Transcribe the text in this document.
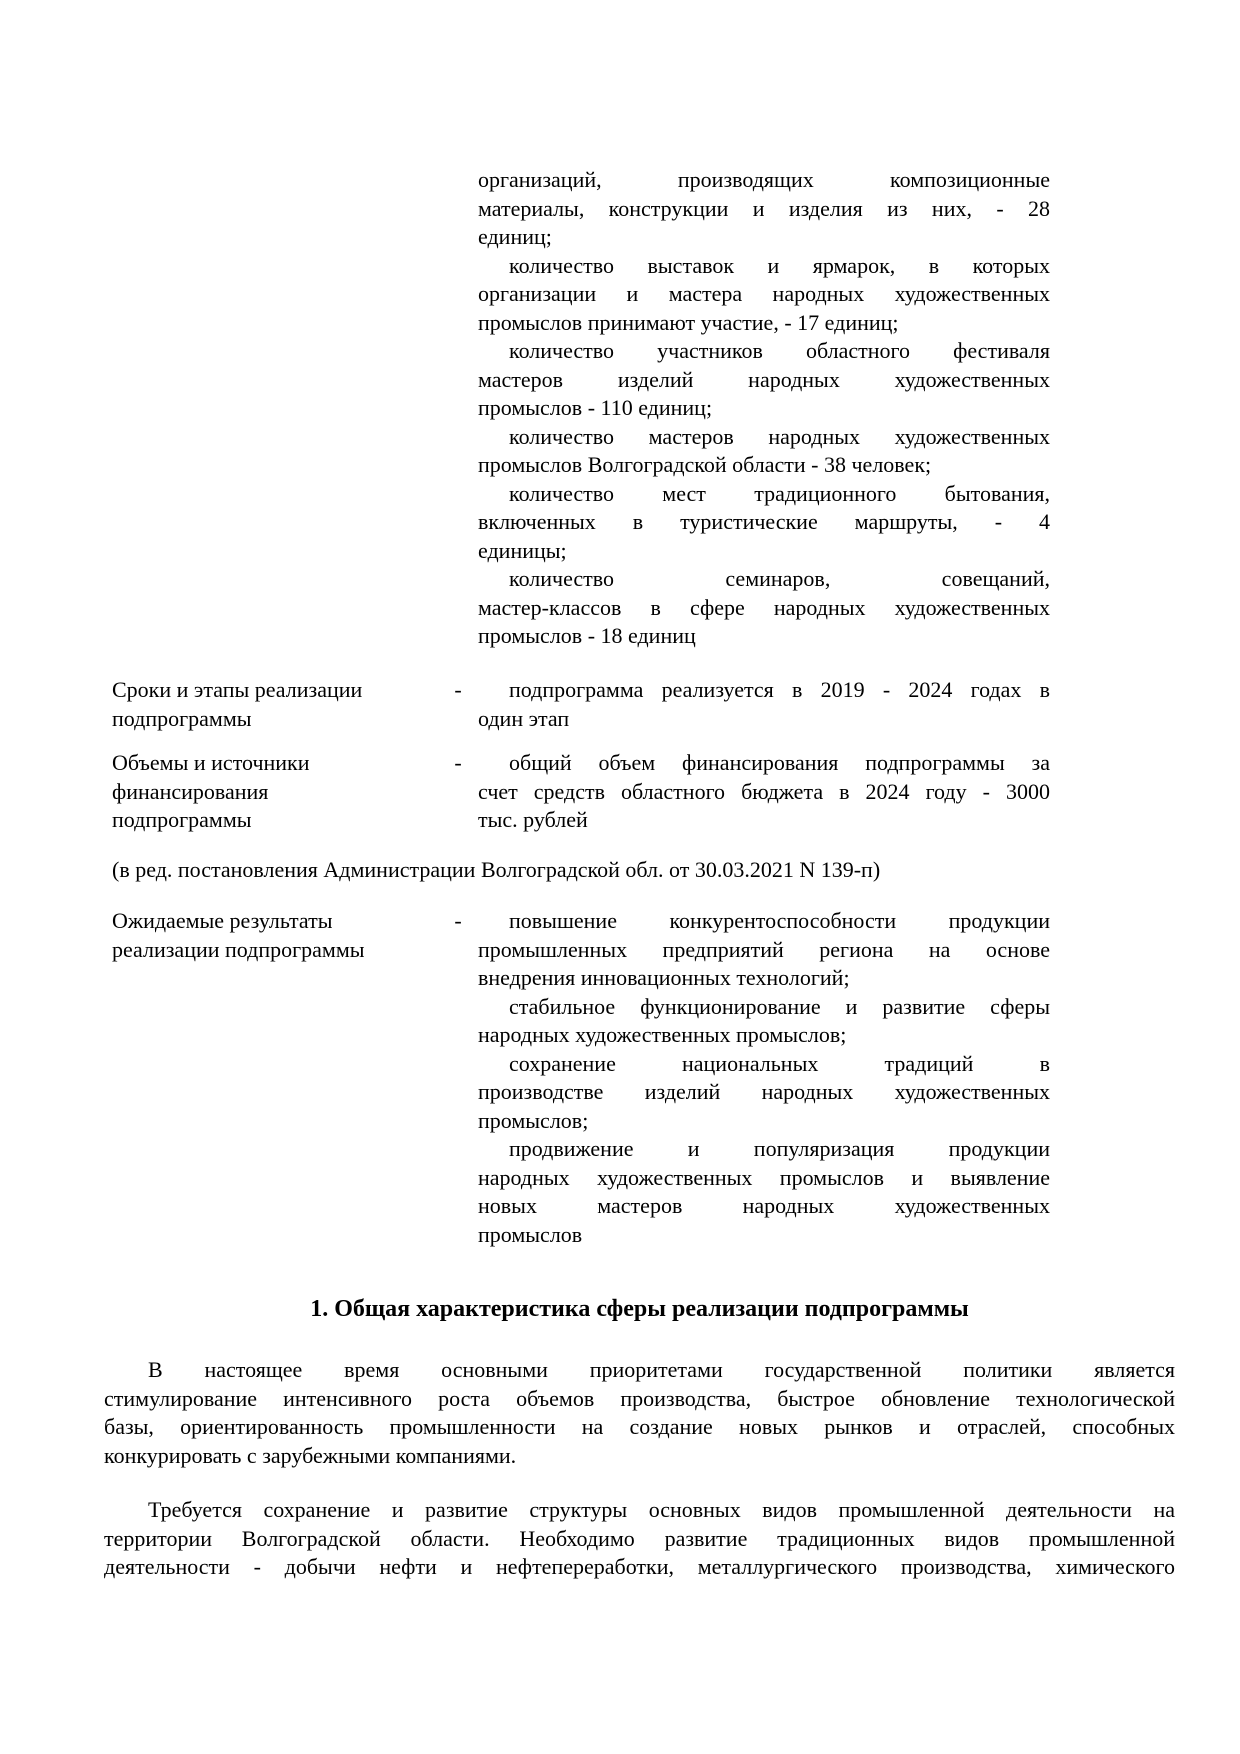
организаций, производящих композиционные
материалы, конструкции и изделия из них, - 28
единиц;
количество выставок и ярмарок, в которых
организации и мастера народных художественных
промыслов принимают участие, - 17 единиц;
количество участников областного фестиваля
мастеров изделий народных художественных
промыслов - 110 единиц;
количество мастеров народных художественных
промыслов Волгоградской области - 38 человек;
количество мест традиционного бытования,
включенных в туристические маршруты, - 4
единицы;
количество семинаров, совещаний,
мастер-классов в сфере народных художественных
промыслов - 18 единиц
Сроки и этапы реализации
подпрограммы
-	подпрограмма реализуется в 2019 - 2024 годах в
один этап
Объемы и источники
финансирования
подпрограммы
-	общий объем финансирования подпрограммы за
счет средств областного бюджета в 2024 году - 3000
тыс. рублей
(в ред. постановления Администрации Волгоградской обл. от 30.03.2021 N 139-п)
Ожидаемые результаты
реализации подпрограммы
-	повышение конкурентоспособности продукции
промышленных предприятий региона на основе
внедрения инновационных технологий;
стабильное функционирование и развитие сферы
народных художественных промыслов;
сохранение национальных традиций в
производстве изделий народных художественных
промыслов;
продвижение и популяризация продукции
народных художественных промыслов и выявление
новых мастеров народных художественных
промыслов
1. Общая характеристика сферы реализации подпрограммы
В настоящее время основными приоритетами государственной политики является
стимулирование интенсивного роста объемов производства, быстрое обновление технологической
базы, ориентированность промышленности на создание новых рынков и отраслей, способных
конкурировать с зарубежными компаниями.
Требуется сохранение и развитие структуры основных видов промышленной деятельности на
территории Волгоградской области. Необходимо развитие традиционных видов промышленной
деятельности - добычи нефти и нефтепереработки, металлургического производства, химического
